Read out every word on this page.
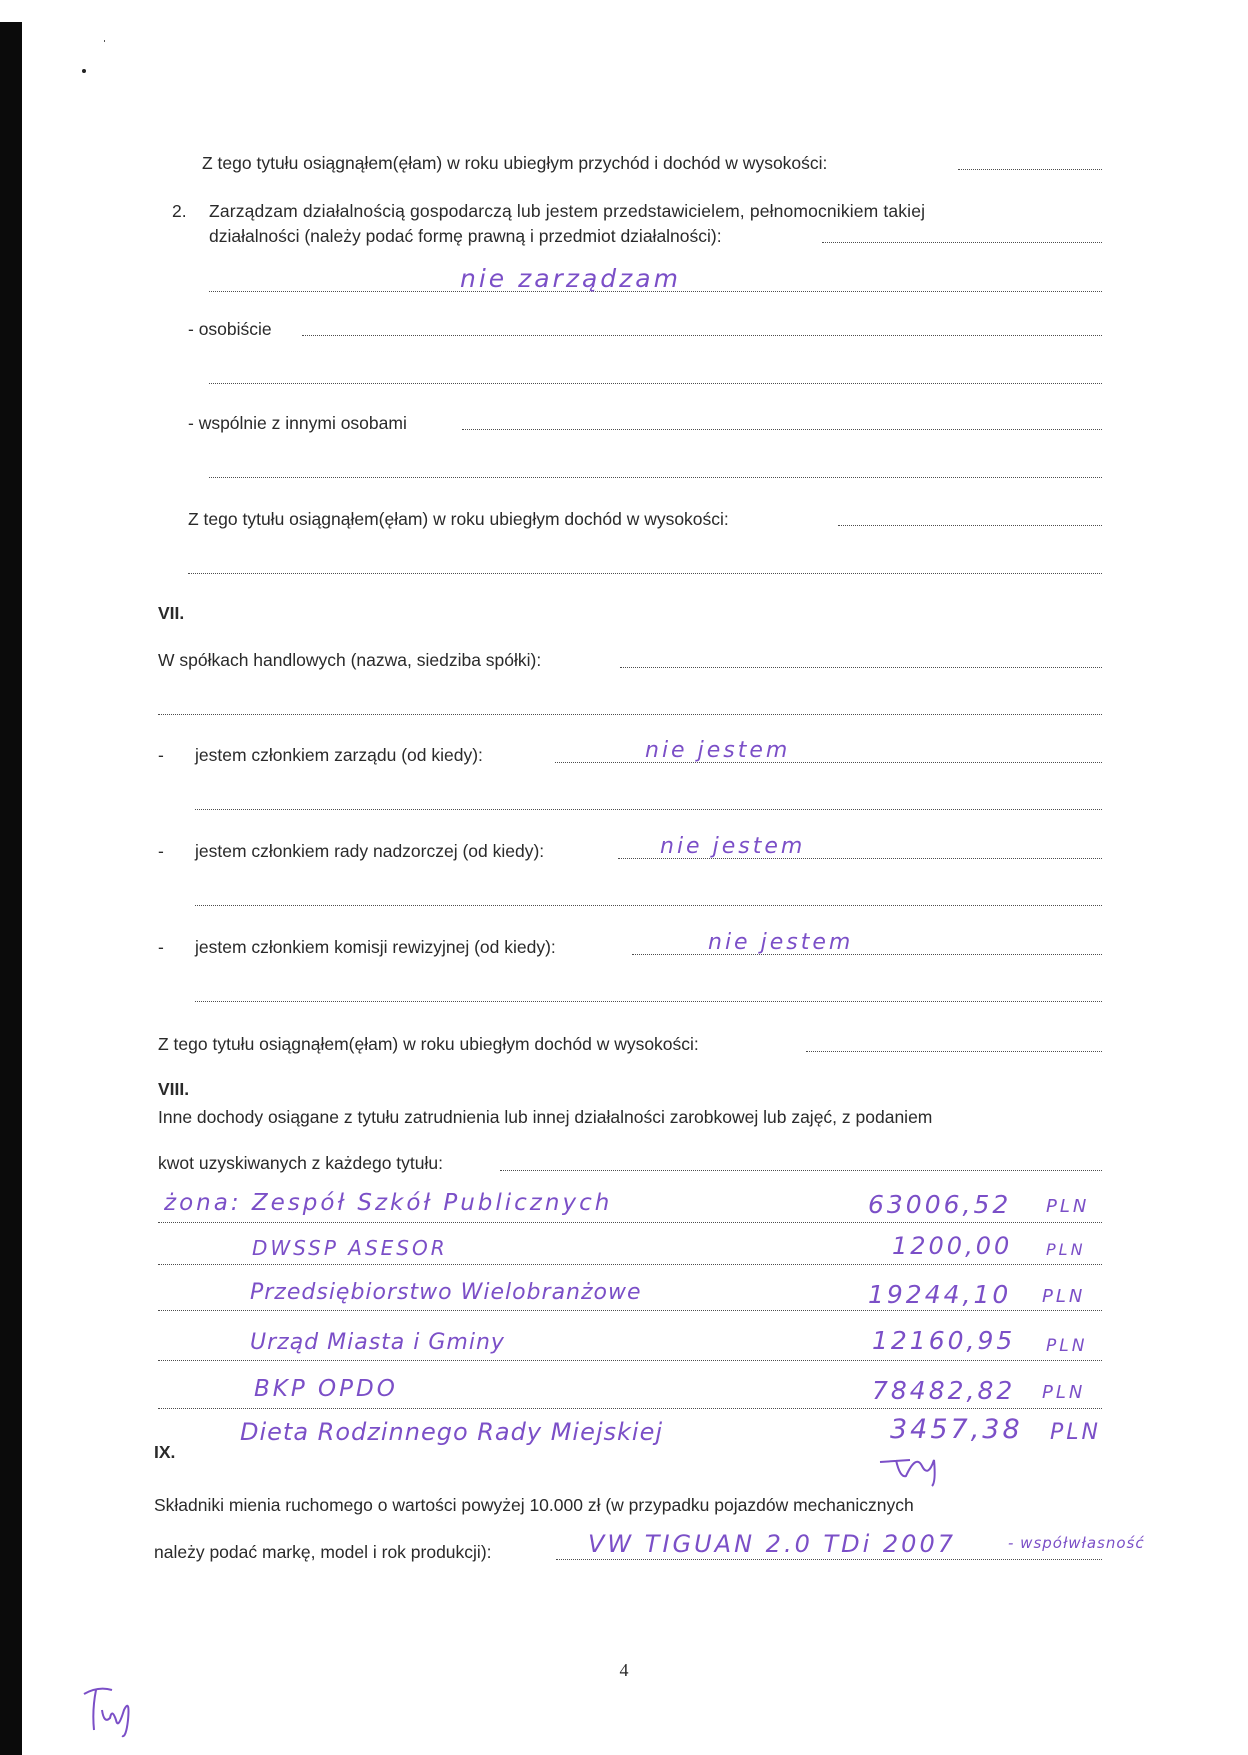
Z tego tytułu osiągnąłem(ęłam) w roku ubiegłym przychód i dochód w wysokości:
2. Zarządzam działalnością gospodarczą lub jestem przedstawicielem, pełnomocnikiem takiej
działalności (należy podać formę prawną i przedmiot działalności):
nie zarządzam
- osobiście
- wspólnie z innymi osobami
Z tego tytułu osiągnąłem(ęłam) w roku ubiegłym dochód w wysokości:
VII.
W spółkach handlowych (nazwa, siedziba spółki):
- jestem członkiem zarządu (od kiedy):	nie jestem
- jestem członkiem rady nadzorczej (od kiedy):	nie jestem
- jestem członkiem komisji rewizyjnej (od kiedy):	nie jestem
Z tego tytułu osiągnąłem(ęłam) w roku ubiegłym dochód w wysokości:
VIII.
Inne dochody osiągane z tytułu zatrudnienia lub innej działalności zarobkowej lub zajęć, z podaniem
kwot uzyskiwanych z każdego tytułu:
żona: Zespół Szkół Publicznych	63006,52 PLN
DWSSP ASESOR	1200,00 PLN
Przedsiębiorstwo Wielobranżowe	19244,10 PLN
Urząd Miasta i Gminy	12160,95 PLN
BKP OPDO	78482,82 PLN
Dieta Rodzinnego Rady Miejskiej	3457,38 PLN
IX.
Składniki mienia ruchomego o wartości powyżej 10.000 zł (w przypadku pojazdów mechanicznych
należy podać markę, model i rok produkcji):	VW TIGUAN 2.0 TDi 2007	- współwłasność
4
